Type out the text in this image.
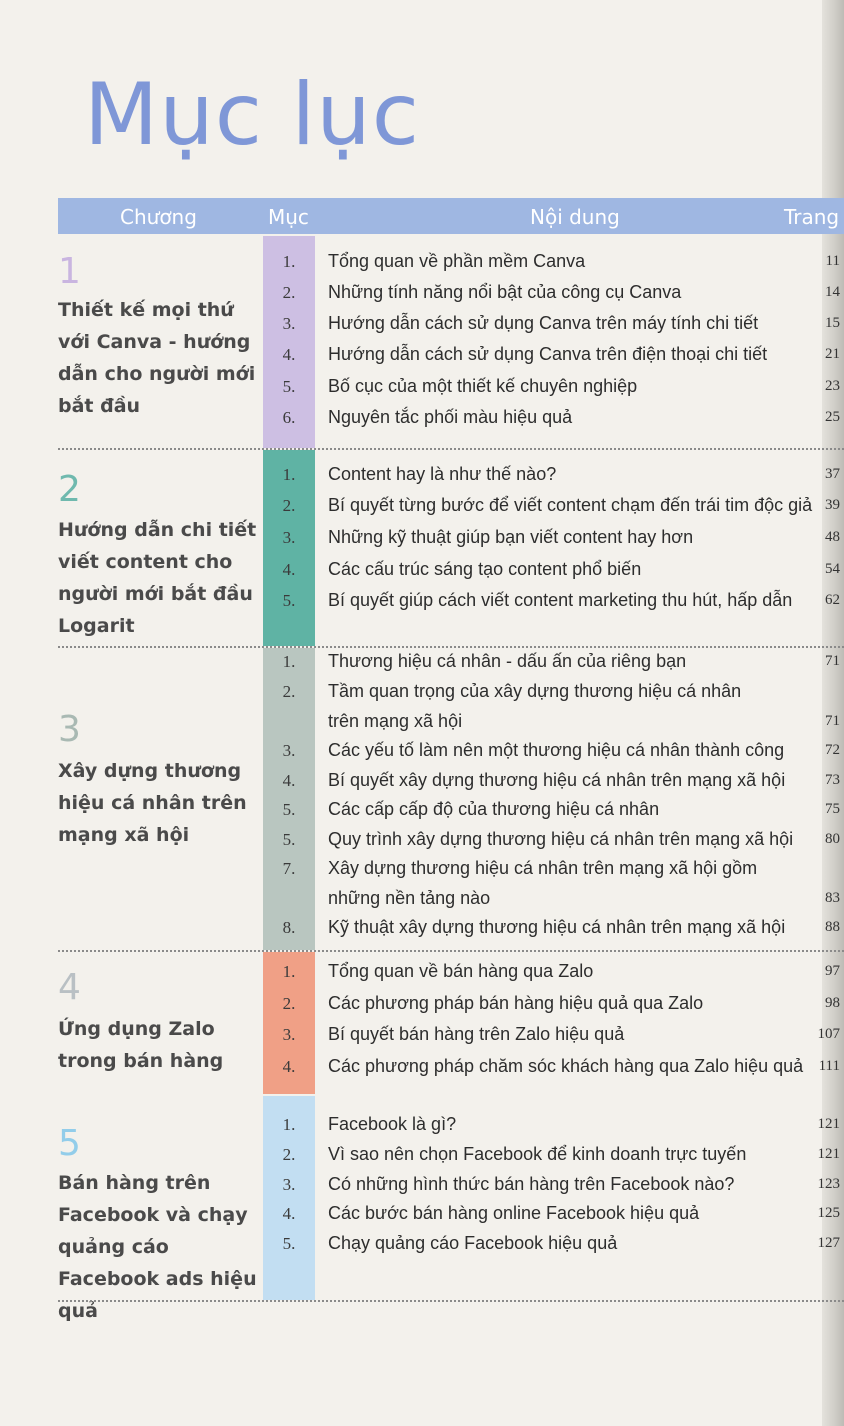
Mục lục
Chương	Mục	Nội dung	Trang
1
Thiết kế mọi thứ với Canva - hướng dẫn cho người mới bắt đầu
1.	Tổng quan về phần mềm Canva	11
2.	Những tính năng nổi bật của công cụ Canva	14
3.	Hướng dẫn cách sử dụng Canva trên máy tính chi tiết	15
4.	Hướng dẫn cách sử dụng Canva trên điện thoại chi tiết	21
5.	Bố cục của một thiết kế chuyên nghiệp	23
6.	Nguyên tắc phối màu hiệu quả	25
2
Hướng dẫn chi tiết viết content cho người mới bắt đầu Logarit
1.	Content hay là như thế nào?	37
2.	Bí quyết từng bước để viết content chạm đến trái tim độc giả 39
3.	Những kỹ thuật giúp bạn viết content hay hơn	48
4.	Các cấu trúc sáng tạo content phổ biến	54
5.	Bí quyết giúp cách viết content marketing thu hút, hấp dẫn 62
3
Xây dựng thương hiệu cá nhân trên mạng xã hội
1.	Thương hiệu cá nhân - dấu ấn của riêng bạn	71
2.	Tầm quan trọng của xây dựng thương hiệu cá nhân
trên mạng xã hội	71
3.	Các yếu tố làm nên một thương hiệu cá nhân thành công	72
4.	Bí quyết xây dựng thương hiệu cá nhân trên mạng xã hội	73
5.	Các cấp cấp độ của thương hiệu cá nhân	75
5.	Quy trình xây dựng thương hiệu cá nhân trên mạng xã hội 80
7.	Xây dựng thương hiệu cá nhân trên mạng xã hội gồm
những nền tảng nào	83
8.	Kỹ thuật xây dựng thương hiệu cá nhân trên mạng xã hội	88
4
Ứng dụng Zalo trong bán hàng
1.	Tổng quan về bán hàng qua Zalo	97
2.	Các phương pháp bán hàng hiệu quả qua Zalo	98
3.	Bí quyết bán hàng trên Zalo hiệu quả	107
4.	Các phương pháp chăm sóc khách hàng qua Zalo hiệu quả 111
5
Bán hàng trên Facebook và chạy quảng cáo Facebook ads hiệu quả
1.	Facebook là gì?	121
2.	Vì sao nên chọn Facebook để kinh doanh trực tuyến	121
3.	Có những hình thức bán hàng trên Facebook nào?	123
4.	Các bước bán hàng online Facebook hiệu quả	125
5.	Chạy quảng cáo Facebook hiệu quả	127
